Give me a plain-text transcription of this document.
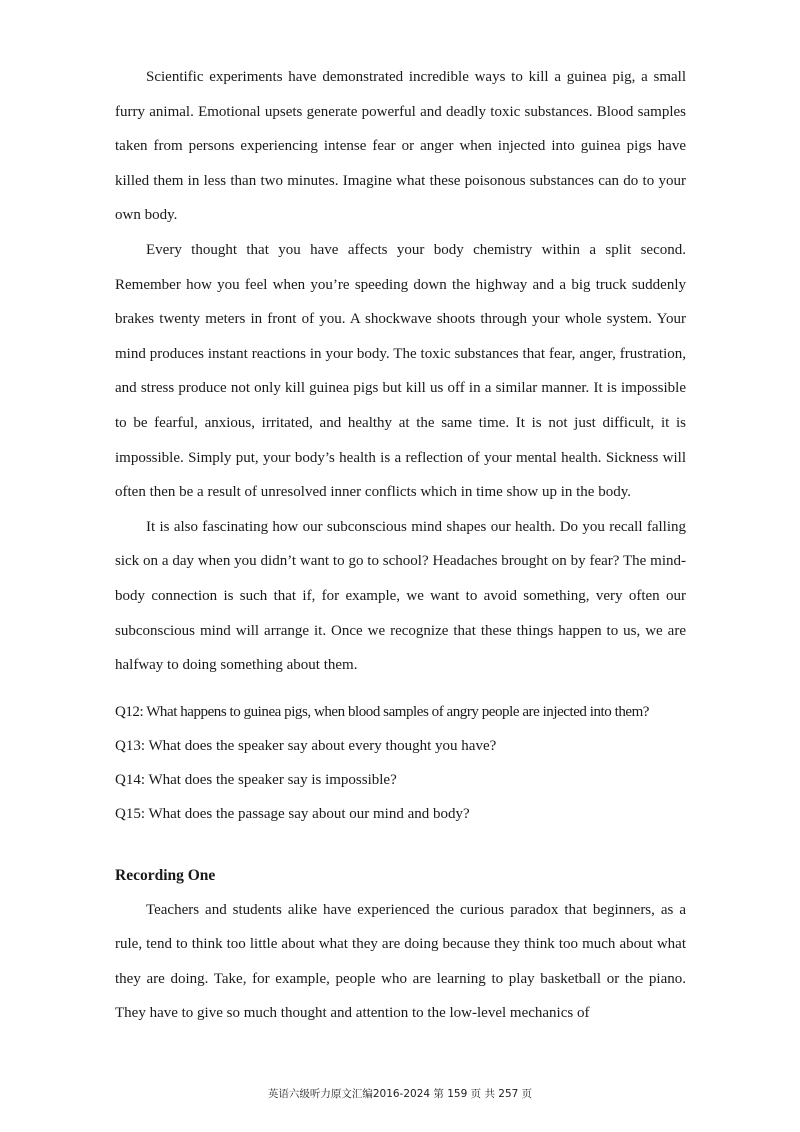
Scientific experiments have demonstrated incredible ways to kill a guinea pig, a small furry animal. Emotional upsets generate powerful and deadly toxic substances. Blood samples taken from persons experiencing intense fear or anger when injected into guinea pigs have killed them in less than two minutes. Imagine what these poisonous substances can do to your own body.

Every thought that you have affects your body chemistry within a split second. Remember how you feel when you’re speeding down the highway and a big truck suddenly brakes twenty meters in front of you. A shockwave shoots through your whole system. Your mind produces instant reactions in your body. The toxic substances that fear, anger, frustration, and stress produce not only kill guinea pigs but kill us off in a similar manner. It is impossible to be fearful, anxious, irritated, and healthy at the same time. It is not just difficult, it is impossible. Simply put, your body’s health is a reflection of your mental health. Sickness will often then be a result of unresolved inner conflicts which in time show up in the body.

It is also fascinating how our subconscious mind shapes our health. Do you recall falling sick on a day when you didn’t want to go to school? Headaches brought on by fear? The mind-body connection is such that if, for example, we want to avoid something, very often our subconscious mind will arrange it. Once we recognize that these things happen to us, we are halfway to doing something about them.

Q12: What happens to guinea pigs, when blood samples of angry people are injected into them?

Q13: What does the speaker say about every thought you have?

Q14: What does the speaker say is impossible?

Q15: What does the passage say about our mind and body?

Recording One

Teachers and students alike have experienced the curious paradox that beginners, as a rule, tend to think too little about what they are doing because they think too much about what they are doing. Take, for example, people who are learning to play basketball or the piano. They have to give so much thought and attention to the low-level mechanics of

英语六级听力原文汇编2016-2024 第 159 页 共 257 页
